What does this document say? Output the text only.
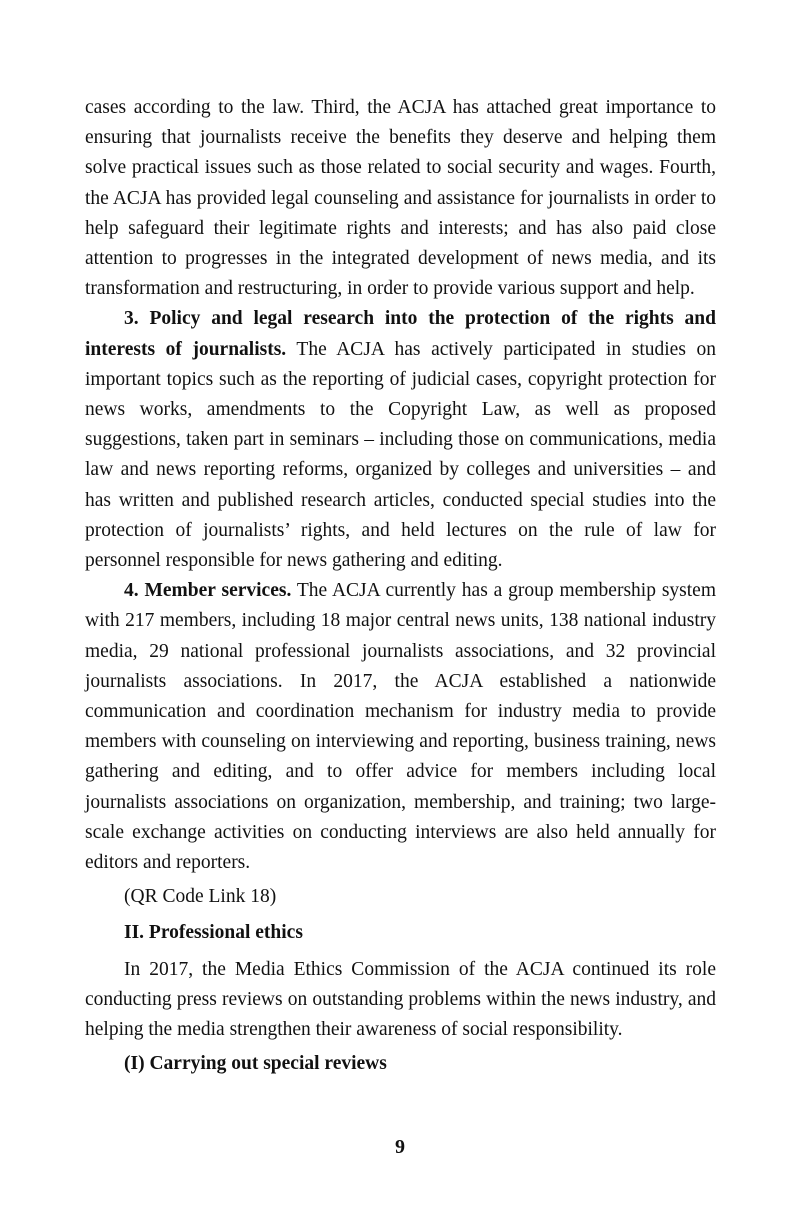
cases according to the law. Third, the ACJA has attached great importance to ensuring that journalists receive the benefits they deserve and helping them solve practical issues such as those related to social security and wages. Fourth, the ACJA has provided legal counseling and assistance for journalists in order to help safeguard their legitimate rights and interests; and has also paid close attention to progresses in the integrated development of news media, and its transformation and restructuring, in order to provide various support and help.

3. Policy and legal research into the protection of the rights and interests of journalists. The ACJA has actively participated in studies on important topics such as the reporting of judicial cases, copyright protection for news works, amendments to the Copyright Law, as well as proposed suggestions, taken part in seminars – including those on communications, media law and news reporting reforms, organized by colleges and universities – and has written and published research articles, conducted special studies into the protection of journalists’ rights, and held lectures on the rule of law for personnel responsible for news gathering and editing.

4. Member services. The ACJA currently has a group membership system with 217 members, including 18 major central news units, 138 national industry media, 29 national professional journalists associations, and 32 provincial journalists associations. In 2017, the ACJA established a nationwide communication and coordination mechanism for industry media to provide members with counseling on interviewing and reporting, business training, news gathering and editing, and to offer advice for members including local journalists associations on organization, membership, and training; two large-scale exchange activities on conducting interviews are also held annually for editors and reporters.

(QR Code Link 18)

II. Professional ethics

In 2017, the Media Ethics Commission of the ACJA continued its role conducting press reviews on outstanding problems within the news industry, and helping the media strengthen their awareness of social responsibility.

(I) Carrying out special reviews

9
